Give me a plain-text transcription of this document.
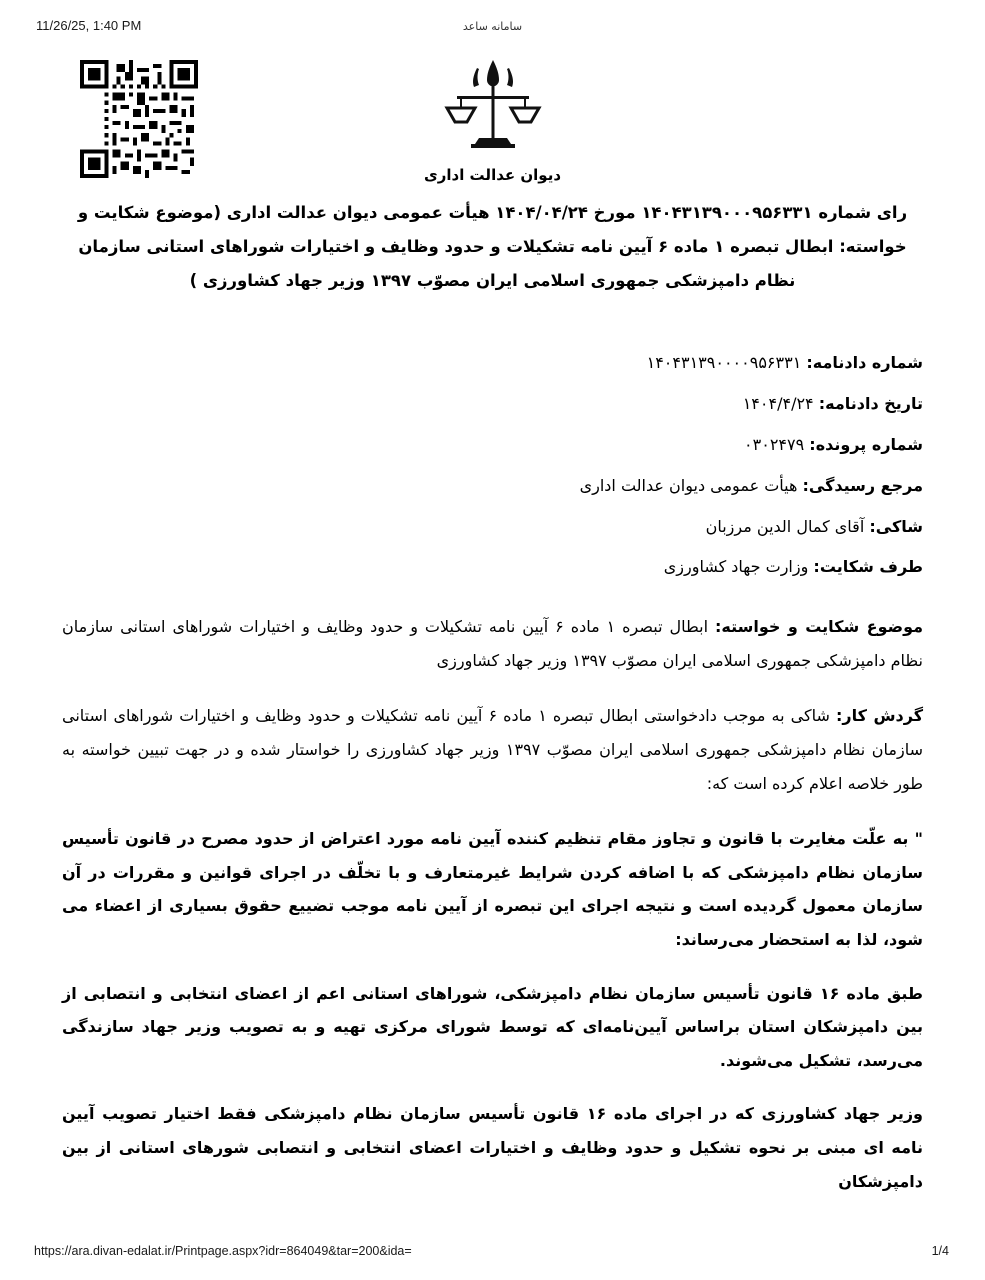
11/26/25, 1:40 PM	سامانه ساعد
دیوان عدالت اداری
رای شماره ۱۴۰۴۳۱۳۹۰۰۰۹۵۶۳۳۱ مورخ ۱۴۰۴/۰۴/۲۴ هیأت عمومی دیوان عدالت اداری (موضوع شکایت و خواسته: ابطال تبصره ۱ ماده ۶ آیین نامه تشکیلات و حدود وظایف و اختیارات شوراهای استانی سازمان نظام دامپزشکی جمهوری اسلامی ایران مصوّب ۱۳۹۷ وزیر جهاد کشاورزی )
شماره دادنامه: ۱۴۰۴۳۱۳۹۰۰۰۰۹۵۶۳۳۱
تاریخ دادنامه: ۱۴۰۴/۴/۲۴
شماره پرونده: ۰۳۰۲۴۷۹
مرجع رسیدگی: هیأت عمومی دیوان عدالت اداری
شاکی: آقای کمال الدین مرزبان
طرف شکایت: وزارت جهاد کشاورزی

موضوع شکایت و خواسته: ابطال تبصره ۱ ماده ۶ آیین نامه تشکیلات و حدود وظایف و اختیارات شوراهای استانی سازمان نظام دامپزشکی جمهوری اسلامی ایران مصوّب ۱۳۹۷ وزیر جهاد کشاورزی

گردش کار: شاکی به موجب دادخواستی ابطال تبصره ۱ ماده ۶ آیین نامه تشکیلات و حدود وظایف و اختیارات شوراهای استانی سازمان نظام دامپزشکی جمهوری اسلامی ایران مصوّب ۱۳۹۷ وزیر جهاد کشاورزی را خواستار شده و در جهت تبیین خواسته به طور خلاصه اعلام کرده است که:

" به علّت مغایرت با قانون و تجاوز مقام تنظیم کننده آیین نامه مورد اعتراض از حدود مصرح در قانون تأسیس سازمان نظام دامپزشکی که با اضافه کردن شرایط غیرمتعارف و با تخلّف در اجرای قوانین و مقررات در آن سازمان معمول گردیده است و نتیجه اجرای این تبصره از آیین نامه موجب تضییع حقوق بسیاری از اعضاء می شود، لذا به استحضار می‌رساند:

طبق ماده ۱۶ قانون تأسیس سازمان نظام دامپزشکی، شوراهای استانی اعم از اعضای انتخابی و انتصابی از بین دامپزشکان استان براساس آیین‌نامه‌ای که توسط شورای مرکزی تهیه و به تصویب وزیر جهاد سازندگی می‌رسد، تشکیل می‌شوند.

وزیر جهاد کشاورزی که در اجرای ماده ۱۶ قانون تأسیس سازمان نظام دامپزشکی فقط اختیار تصویب آیین نامه ای مبنی بر نحوه تشکیل و حدود وظایف و اختیارات اعضای انتخابی و انتصابی شورهای استانی از بین دامپزشکان

https://ara.divan-edalat.ir/Printpage.aspx?idr=864049&tar=200&ida=	1/4
